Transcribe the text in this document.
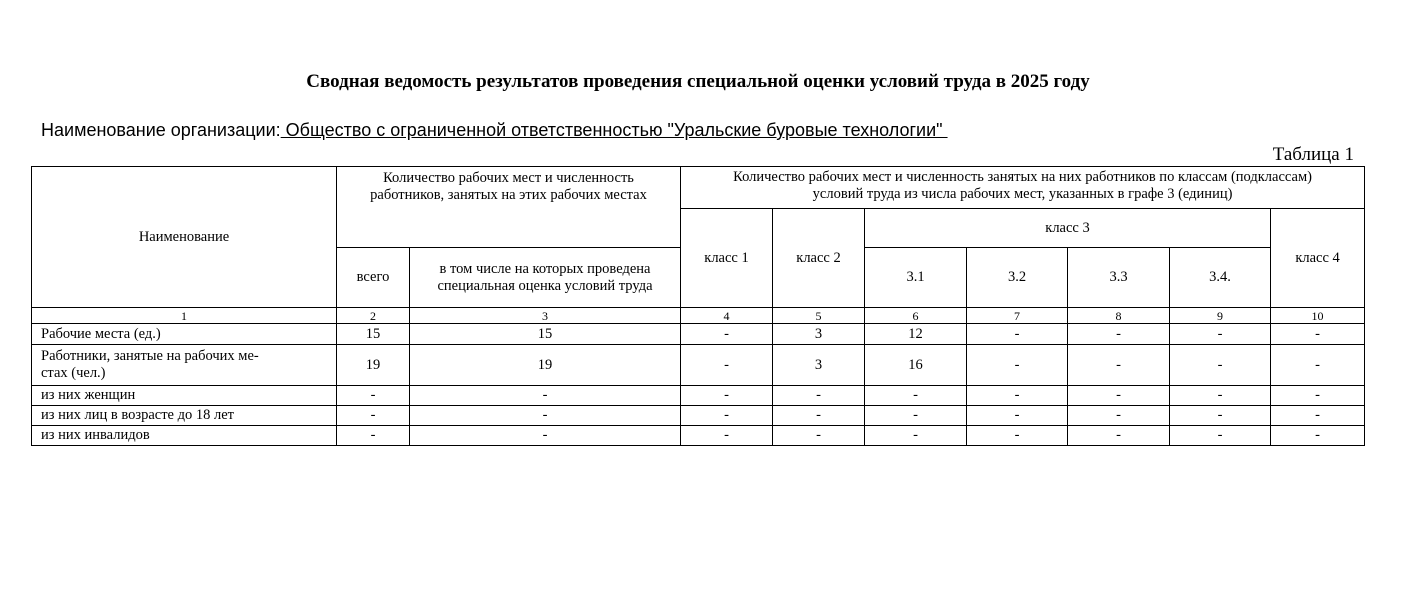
Сводная ведомость результатов проведения специальной оценки условий труда в 2025 году
Наименование организации: Общество с ограниченной ответственностью "Уральские буровые технологии"
Таблица 1
Наименование	Количество рабочих мест и численность работников, занятых на этих рабочих местах		Количество рабочих мест и численность занятых на них работников по классам (подклассам) условий труда из числа рабочих мест, указанных в графе 3 (единиц)						
			класс 1	класс 2	класс 3				класс 4
	всего	в том числе на которых проведена специальная оценка условий труда			3.1	3.2	3.3	3.4.	
1	2	3	4	5	6	7	8	9	10
Рабочие места (ед.)	15	15	-	3	12	-	-	-	-
Работники, занятые на рабочих ме-
стах (чел.)	19	19	-	3	16	-	-	-	-
из них женщин	-	-	-	-	-	-	-	-	-
из них лиц в возрасте до 18 лет	-	-	-	-	-	-	-	-	-
из них инвалидов	-	-	-	-	-	-	-	-	-
